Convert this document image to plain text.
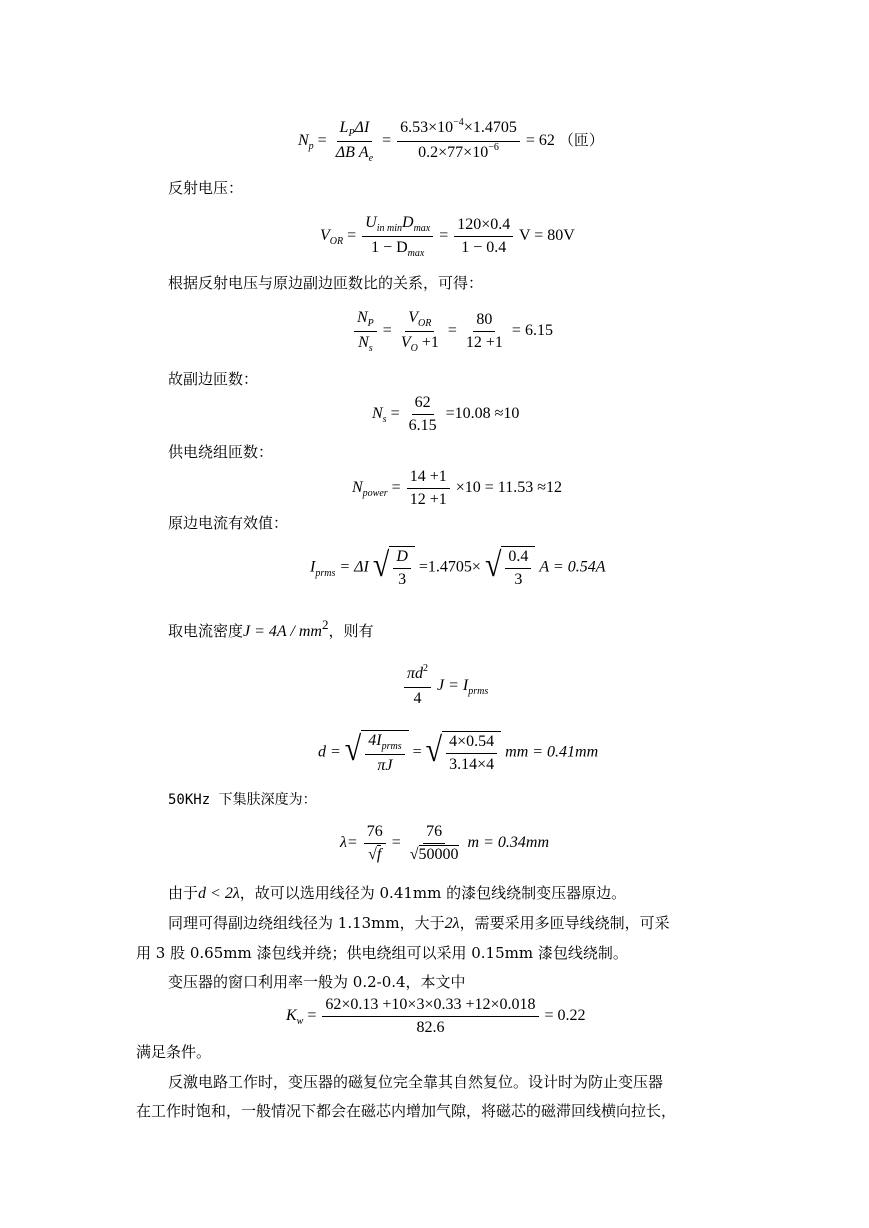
$N_p = \frac{L_P\Delta I}{\Delta B A_e} = \frac{6.53\times 10^{-4}\times 1.4705}{0.2\times 77\times 10^{-6}} = 62$ （匝）
反射电压：
$V_{OR} = \frac{U_{in min}D_{max}}{1 - D_{max}} = \frac{120\times 0.4}{1 - 0.4}$ V = 80V
根据反射电压与原边副边匝数比的关系，可得：
$\frac{N_P}{N_s} = \frac{V_{OR}}{V_O +1} = \frac{80}{12 +1} = 6.15$
故副边匝数：
$N_s = \frac{62}{6.15} =10.08 \approx 10$
供电绕组匝数：
$N_{power} = \frac{14 +1}{12 +1} \times 10 = 11.53 \approx 12$
原边电流有效值：
$I_{prms} = \Delta I$ √ $\frac{D}{3} =1.4705\times$ √ $\frac{0.4}{3}$ A = 0.54A
取电流密度$J = 4A / mm^2$，则有
$\frac{\pi d^2}{4}$ $J = I_{prms}$
d = √ $\frac{4I_{prms}}{\pi J}$ = √ $\frac{4\times 0.54}{3.14\times 4}$ mm = 0.41mm
50KHz 下集肤深度为：
$\lambda= \frac{76}{√f} = \frac{76}{√50000}$ m = 0.34mm
由于d < 2λ，故可以选用线径为 0.41mm 的漆包线绕制变压器原边。
同理可得副边绕组线径为 1.13mm，大于2λ，需要采用多匝导线绕制，可采
用 3 股 0.65mm 漆包线并绕；供电绕组可以采用 0.15mm 漆包线绕制。
变压器的窗口利用率一般为 0.2-0.4，本文中
$K_w = \frac{62\times 0.13 +10\times 3\times 0.33 +12\times 0.018}{82.6} = 0.22$
满足条件。
反激电路工作时，变压器的磁复位完全靠其自然复位。设计时为防止变压器
在工作时饱和，一般情况下都会在磁芯内增加气隙，将磁芯的磁滞回线横向拉长，
